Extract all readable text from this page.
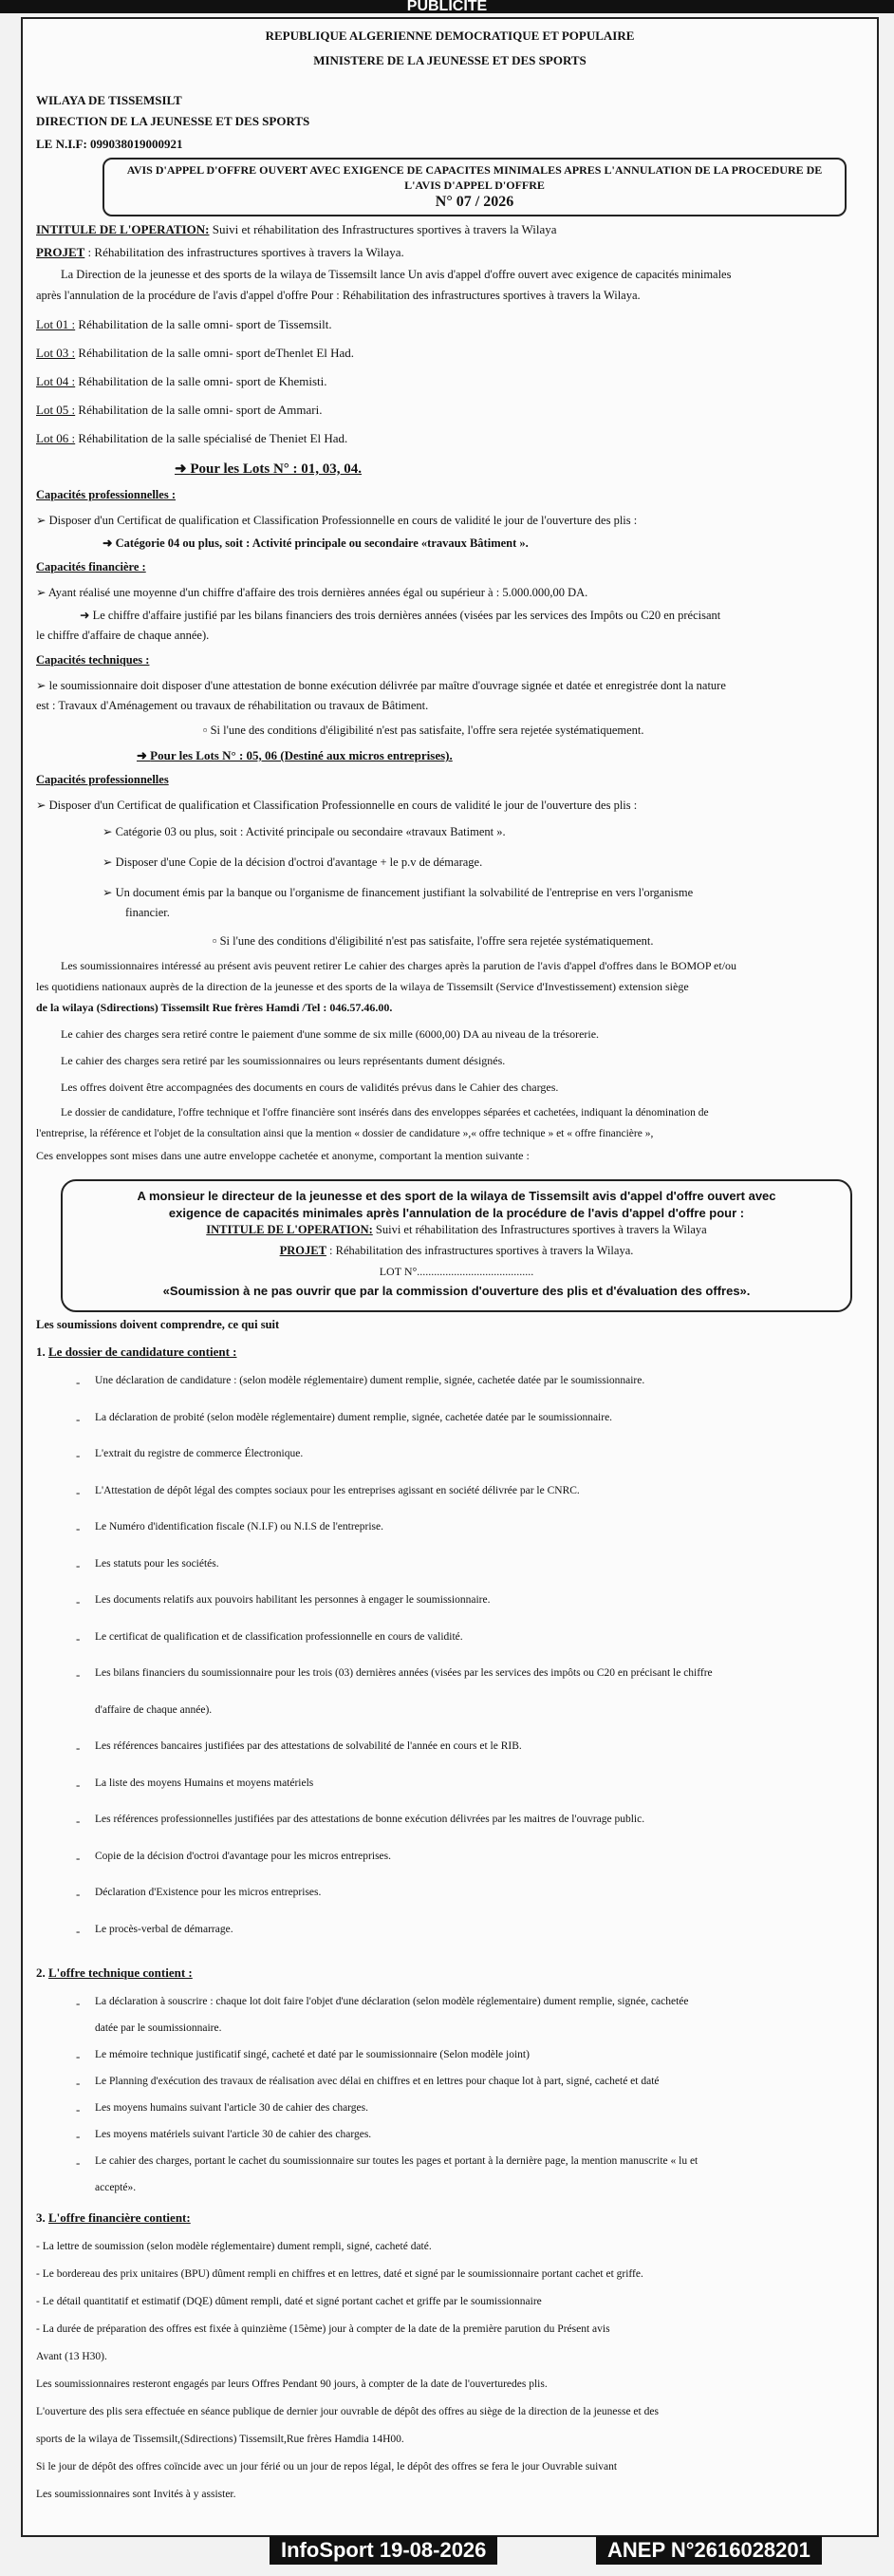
PUBLICITE
REPUBLIQUE ALGERIENNE DEMOCRATIQUE ET POPULAIRE
MINISTERE DE LA JEUNESSE ET DES SPORTS
WILAYA DE TISSEMSILT
DIRECTION DE LA JEUNESSE ET DES SPORTS
LE N.I.F: 099038019000921
AVIS D'APPEL D'OFFRE OUVERT AVEC EXIGENCE DE CAPACITES MINIMALES APRES L'ANNULATION DE LA PROCEDURE DE
L'AVIS D'APPEL D'OFFRE
N° 07 / 2026
INTITULE DE L'OPERATION: Suivi et réhabilitation des Infrastructures sportives à travers la Wilaya
PROJET : Réhabilitation des infrastructures sportives à travers la Wilaya.
La Direction de la jeunesse et des sports de la wilaya de Tissemsilt lance Un avis d'appel d'offre ouvert avec exigence de capacités minimales
après l'annulation de la procédure de l'avis d'appel d'offre Pour : Réhabilitation des infrastructures sportives à travers la Wilaya.
Lot 01 : Réhabilitation de la salle omni- sport de Tissemsilt.
Lot 03 : Réhabilitation de la salle omni- sport deThenlet El Had.
Lot 04 : Réhabilitation de la salle omni- sport de Khemisti.
Lot 05 : Réhabilitation de la salle omni- sport de Ammari.
Lot 06 : Réhabilitation de la salle spécialisé de Theniet El Had.
➜ Pour les Lots N° : 01, 03, 04.
Capacités professionnelles :
➢ Disposer d'un Certificat de qualification et Classification Professionnelle en cours de validité le jour de l'ouverture des plis :
➜ Catégorie 04 ou plus, soit : Activité principale ou secondaire «travaux Bâtiment ».
Capacités financière :
➢ Ayant réalisé une moyenne d'un chiffre d'affaire des trois dernières années égal ou supérieur à : 5.000.000,00 DA.
➜ Le chiffre d'affaire justifié par les bilans financiers des trois dernières années (visées par les services des Impôts ou C20 en précisant
le chiffre d'affaire de chaque année).
Capacités techniques :
➢ le soumissionnaire doit disposer d'une attestation de bonne exécution délivrée par maître d'ouvrage signée et datée et enregistrée dont la nature
est : Travaux d'Aménagement ou travaux de réhabilitation ou travaux de Bâtiment.
▫ Si l'une des conditions d'éligibilité n'est pas satisfaite, l'offre sera rejetée systématiquement.
➜ Pour les Lots N° : 05, 06 (Destiné aux micros entreprises).
Capacités professionnelles
➢ Disposer d'un Certificat de qualification et Classification Professionnelle en cours de validité le jour de l'ouverture des plis :
➢ Catégorie 03 ou plus, soit : Activité principale ou secondaire «travaux Batiment ».
➢ Disposer d'une Copie de la décision d'octroi d'avantage + le p.v de démarage.
➢ Un document émis par la banque ou l'organisme de financement justifiant la solvabilité de l'entreprise en vers l'organisme
financier.
▫ Si l'une des conditions d'éligibilité n'est pas satisfaite, l'offre sera rejetée systématiquement.
Les soumissionnaires intéressé au présent avis peuvent retirer Le cahier des charges après la parution de l'avis d'appel d'offres dans le BOMOP et/ou
les quotidiens nationaux auprès de la direction de la jeunesse et des sports de la wilaya de Tissemsilt (Service d'Investissement) extension siège
de la wilaya (Sdirections) Tissemsilt Rue frères Hamdi /Tel : 046.57.46.00.
Le cahier des charges sera retiré contre le paiement d'une somme de six mille (6000,00) DA au niveau de la trésorerie.
Le cahier des charges sera retiré par les soumissionnaires ou leurs représentants dument désignés.
Les offres doivent être accompagnées des documents en cours de validités prévus dans le Cahier des charges.
Le dossier de candidature, l'offre technique et l'offre financière sont insérés dans des enveloppes séparées et cachetées, indiquant la dénomination de
l'entreprise, la référence et l'objet de la consultation ainsi que la mention « dossier de candidature »,« offre technique » et « offre financière »,
Ces enveloppes sont mises dans une autre enveloppe cachetée et anonyme, comportant la mention suivante :
A monsieur le directeur de la jeunesse et des sport de la wilaya de Tissemsilt avis d'appel d'offre ouvert avec
exigence de capacités minimales après l'annulation de la procédure de l'avis d'appel d'offre pour :
INTITULE DE L'OPERATION: Suivi et réhabilitation des Infrastructures sportives à travers la Wilaya
PROJET : Réhabilitation des infrastructures sportives à travers la Wilaya.
LOT N°.........................................
«Soumission à ne pas ouvrir que par la commission d'ouverture des plis et d'évaluation des offres».
Les soumissions doivent comprendre, ce qui suit
1. Le dossier de candidature contient :
2. L'offre technique contient :
3. L'offre financière contient:
- Une déclaration de candidature : (selon modèle réglementaire) dument remplie, signée, cachetée datée par le soumissionnaire.
- La déclaration de probité (selon modèle réglementaire) dument remplie, signée, cachetée datée par le soumissionnaire.
- L'extrait du registre de commerce Électronique.
- L'Attestation de dépôt légal des comptes sociaux pour les entreprises agissant en société délivrée par le CNRC.
- Le Numéro d'identification fiscale (N.I.F) ou N.I.S de l'entreprise.
- Les statuts pour les sociétés.
- Les documents relatifs aux pouvoirs habilitant les personnes à engager le soumissionnaire.
- Le certificat de qualification et de classification professionnelle en cours de validité.
- Les bilans financiers du soumissionnaire pour les trois (03) dernières années (visées par les services des impôts ou C20 en précisant le chiffre
d'affaire de chaque année).
- Les références bancaires justifiées par des attestations de solvabilité de l'année en cours et le RIB.
- La liste des moyens Humains et moyens matériels
- Les références professionnelles justifiées par des attestations de bonne exécution délivrées par les maitres de l'ouvrage public.
- Copie de la décision d'octroi d'avantage pour les micros entreprises.
- Déclaration d'Existence pour les micros entreprises.
- Le procès-verbal de démarrage.
- La déclaration à souscrire : chaque lot doit faire l'objet d'une déclaration (selon modèle réglementaire) dument remplie, signée, cachetée
datée par le soumissionnaire.
- Le mémoire technique justificatif singé, cacheté et daté par le soumissionnaire (Selon modèle joint)
- Le Planning d'exécution des travaux de réalisation avec délai en chiffres et en lettres pour chaque lot à part, signé, cacheté et daté
- Les moyens humains suivant l'article 30 de cahier des charges.
- Les moyens matériels suivant l'article 30 de cahier des charges.
- Le cahier des charges, portant le cachet du soumissionnaire sur toutes les pages et portant à la dernière page, la mention manuscrite « lu et
accepté».
- La lettre de soumission (selon modèle réglementaire) dument rempli, signé, cacheté daté.
- Le bordereau des prix unitaires (BPU) dûment rempli en chiffres et en lettres, daté et signé par le soumissionnaire portant cachet et griffe.
- Le détail quantitatif et estimatif (DQE) dûment rempli, daté et signé portant cachet et griffe par le soumissionnaire
- La durée de préparation des offres est fixée à quinzième (15ème) jour à compter de la date de la première parution du Présent avis
Avant (13 H30).
Les soumissionnaires resteront engagés par leurs Offres Pendant 90 jours, à compter de la date de l'ouverturedes plis.
L'ouverture des plis sera effectuée en séance publique de dernier jour ouvrable de dépôt des offres au siège de la direction de la jeunesse et des
sports de la wilaya de Tissemsilt,(Sdirections) Tissemsilt,Rue frères Hamdia 14H00.
Si le jour de dépôt des offres coïncide avec un jour férié ou un jour de repos légal, le dépôt des offres se fera le jour Ouvrable suivant
Les soumissionnaires sont Invités à y assister.
InfoSport 19-08-2026	ANEP N°2616028201
